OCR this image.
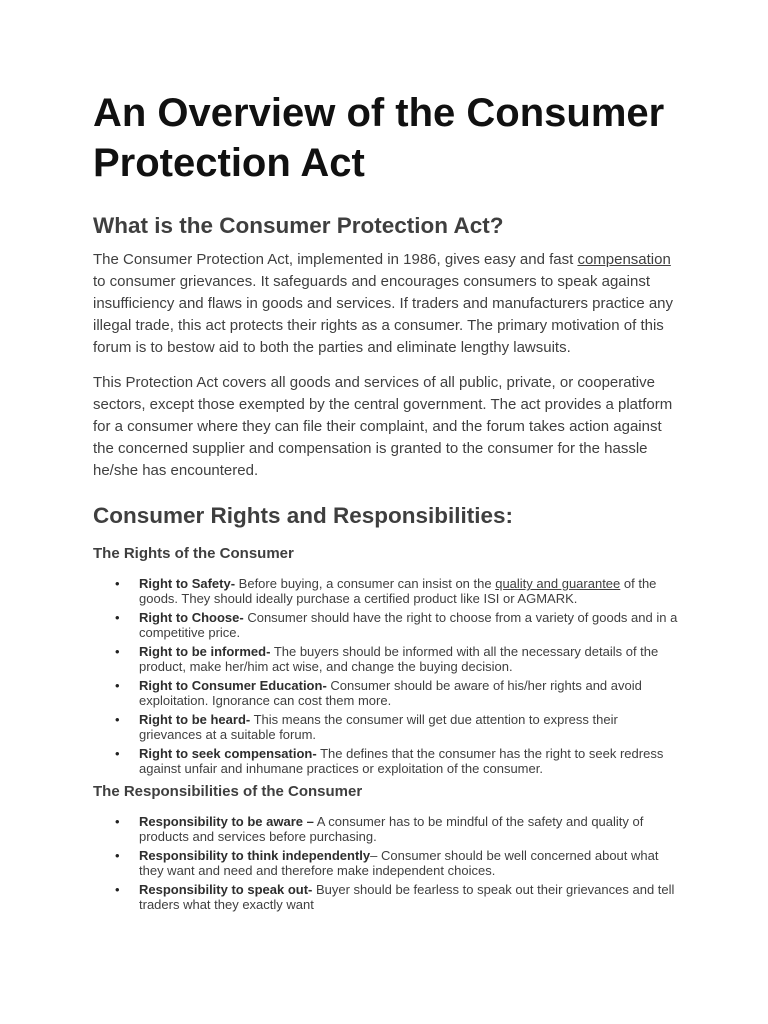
An Overview of the Consumer Protection Act
What is the Consumer Protection Act?

The Consumer Protection Act, implemented in 1986, gives easy and fast compensation to consumer grievances. It safeguards and encourages consumers to speak against insufficiency and flaws in goods and services. If traders and manufacturers practice any illegal trade, this act protects their rights as a consumer. The primary motivation of this forum is to bestow aid to both the parties and eliminate lengthy lawsuits.

This Protection Act covers all goods and services of all public, private, or cooperative sectors, except those exempted by the central government. The act provides a platform for a consumer where they can file their complaint, and the forum takes action against the concerned supplier and compensation is granted to the consumer for the hassle he/she has encountered.

Consumer Rights and Responsibilities:
The Rights of the Consumer
• Right to Safety- Before buying, a consumer can insist on the quality and guarantee of the goods. They should ideally purchase a certified product like ISI or AGMARK.
• Right to Choose- Consumer should have the right to choose from a variety of goods and in a competitive price.
• Right to be informed- The buyers should be informed with all the necessary details of the product, make her/him act wise, and change the buying decision.
• Right to Consumer Education- Consumer should be aware of his/her rights and avoid exploitation. Ignorance can cost them more.
• Right to be heard- This means the consumer will get due attention to express their grievances at a suitable forum.
• Right to seek compensation- The defines that the consumer has the right to seek redress against unfair and inhumane practices or exploitation of the consumer.
The Responsibilities of the Consumer
• Responsibility to be aware – A consumer has to be mindful of the safety and quality of products and services before purchasing.
• Responsibility to think independently– Consumer should be well concerned about what they want and need and therefore make independent choices.
• Responsibility to speak out- Buyer should be fearless to speak out their grievances and tell traders what they exactly want
